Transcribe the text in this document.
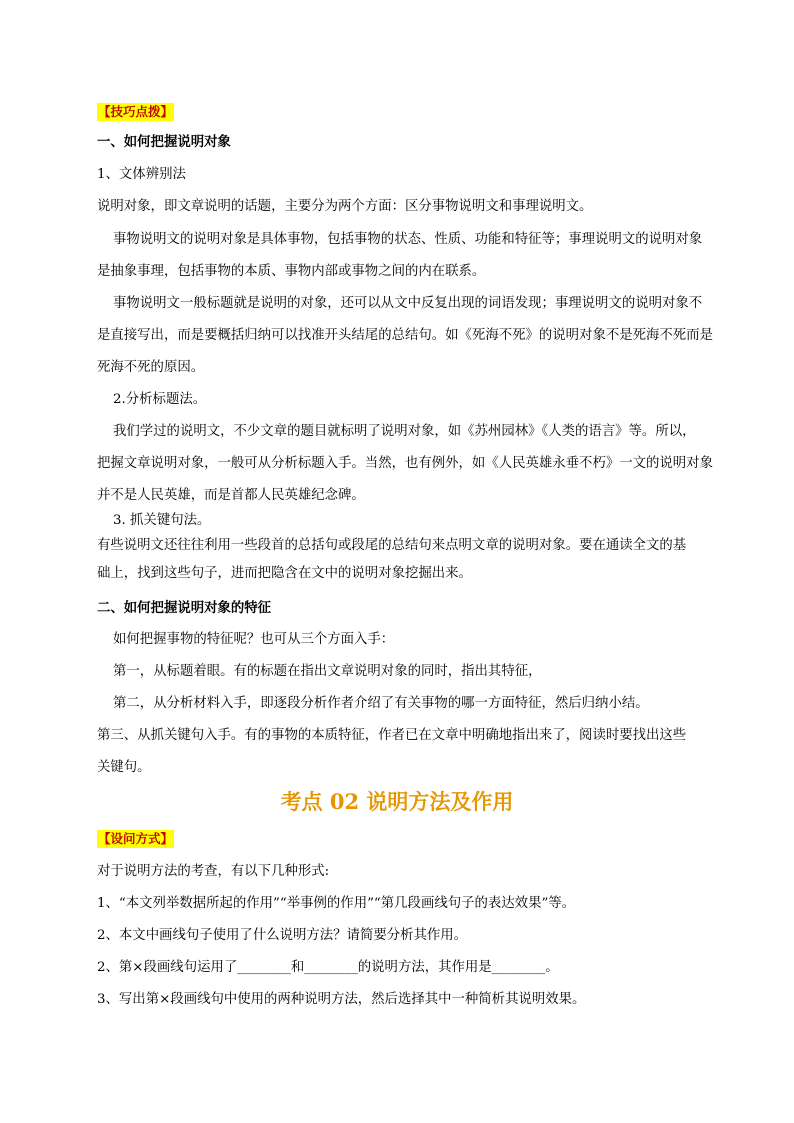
【技巧点拨】
一、如何把握说明对象
1、文体辨别法
说明对象，即文章说明的话题，主要分为两个方面：区分事物说明文和事理说明文。
事物说明文的说明对象是具体事物，包括事物的状态、性质、功能和特征等；事理说明文的说明对象
是抽象事理，包括事物的本质、事物内部或事物之间的内在联系。
事物说明文一般标题就是说明的对象，还可以从文中反复出现的词语发现；事理说明文的说明对象不
是直接写出，而是要概括归纳可以找准开头结尾的总结句。如《死海不死》的说明对象不是死海不死而是
死海不死的原因。
2.分析标题法。
我们学过的说明文，不少文章的题目就标明了说明对象，如《苏州园林》《人类的语言》等。所以，
把握文章说明对象，一般可从分析标题入手。当然，也有例外，如《人民英雄永垂不朽》一文的说明对象
并不是人民英雄，而是首都人民英雄纪念碑。
3. 抓关键句法。
有些说明文还往往利用一些段首的总括句或段尾的总结句来点明文章的说明对象。要在通读全文的基
础上，找到这些句子，进而把隐含在文中的说明对象挖掘出来。
二、如何把握说明对象的特征
如何把握事物的特征呢？也可从三个方面入手：
第一，从标题着眼。有的标题在指出文章说明对象的同时，指出其特征，
第二，从分析材料入手，即逐段分析作者介绍了有关事物的哪一方面特征，然后归纳小结。
第三、从抓关键句入手。有的事物的本质特征，作者已在文章中明确地指出来了，阅读时要找出这些
关键句。
考点 02 说明方法及作用
【设问方式】
对于说明方法的考查，有以下几种形式:
1、“本文列举数据所起的作用”“举事例的作用”“第几段画线句子的表达效果”等。
2、本文中画线句子使用了什么说明方法？请简要分析其作用。
2、第×段画线句运用了________和________的说明方法，其作用是________。
3、写出第×段画线句中使用的两种说明方法，然后选择其中一种简析其说明效果。
